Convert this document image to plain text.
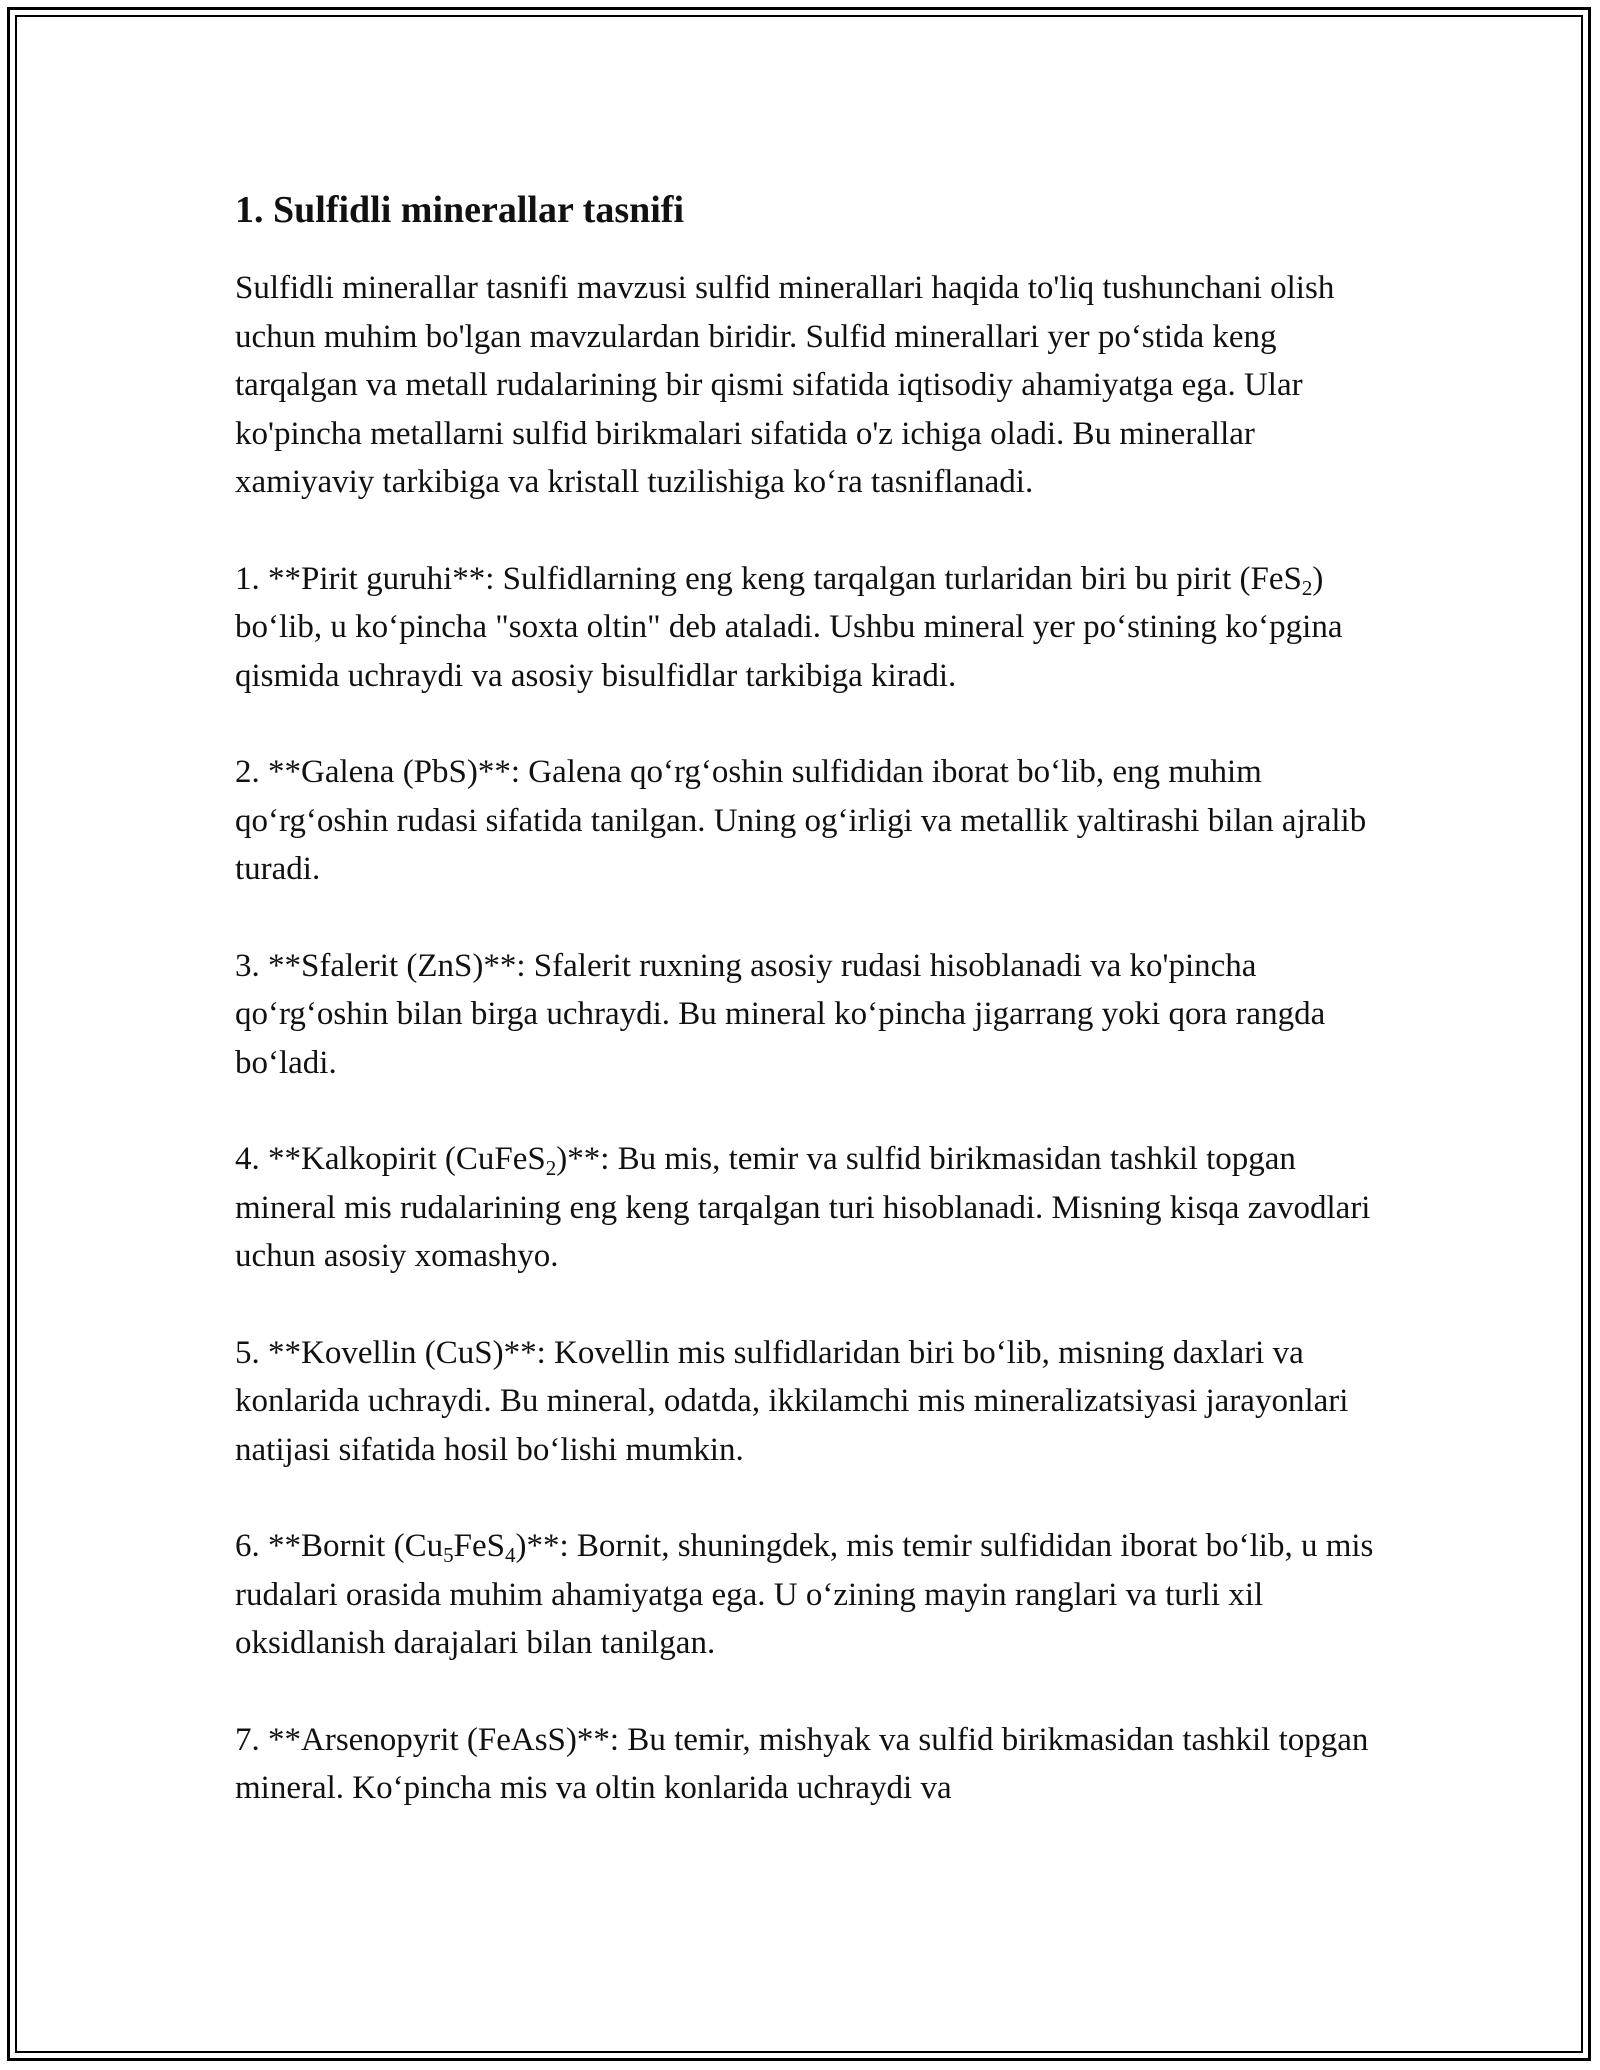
1. Sulfidli minerallar tasnifi

Sulfidli minerallar tasnifi mavzusi sulfid minerallari haqida to'liq tushunchani olish uchun muhim bo'lgan mavzulardan biridir. Sulfid minerallari yer po‘stida keng tarqalgan va metall rudalarining bir qismi sifatida iqtisodiy ahamiyatga ega. Ular ko'pincha metallarni sulfid birikmalari sifatida o'z ichiga oladi. Bu minerallar xamiyaviy tarkibiga va kristall tuzilishiga ko‘ra tasniflanadi.

1. **Pirit guruhi**: Sulfidlarning eng keng tarqalgan turlaridan biri bu pirit (FeS$_2$) bo‘lib, u ko‘pincha "soxta oltin" deb ataladi. Ushbu mineral yer po‘stining ko‘pgina qismida uchraydi va asosiy bisulfidlar tarkibiga kiradi.

2. **Galena (PbS)**: Galena qo‘rg‘oshin sulfididan iborat bo‘lib, eng muhim qo‘rg‘oshin rudasi sifatida tanilgan. Uning og‘irligi va metallik yaltirashi bilan ajralib turadi.

3. **Sfalerit (ZnS)**: Sfalerit ruxning asosiy rudasi hisoblanadi va ko'pincha qo‘rg‘oshin bilan birga uchraydi. Bu mineral ko‘pincha jigarrang yoki qora rangda bo‘ladi.

4. **Kalkopirit (CuFeS$_2$)**: Bu mis, temir va sulfid birikmasidan tashkil topgan mineral mis rudalarining eng keng tarqalgan turi hisoblanadi. Misning kisqa zavodlari uchun asosiy xomashyo.

5. **Kovellin (CuS)**: Kovellin mis sulfidlaridan biri bo‘lib, misning daxlari va konlarida uchraydi. Bu mineral, odatda, ikkilamchi mis mineralizatsiyasi jarayonlari natijasi sifatida hosil bo‘lishi mumkin.

6. **Bornit $(Cu_5FeS_4)**$: Bornit, shuningdek, mis temir sulfididan iborat bo‘lib, u mis rudalari orasida muhim ahamiyatga ega. U o‘zining mayin ranglari va turli xil oksidlanish darajalari bilan tanilgan.

7. **Arsenopyrit (FeAsS)**: Bu temir, mishyak va sulfid birikmasidan tashkil topgan mineral. Ko‘pincha mis va oltin konlarida uchraydi va
